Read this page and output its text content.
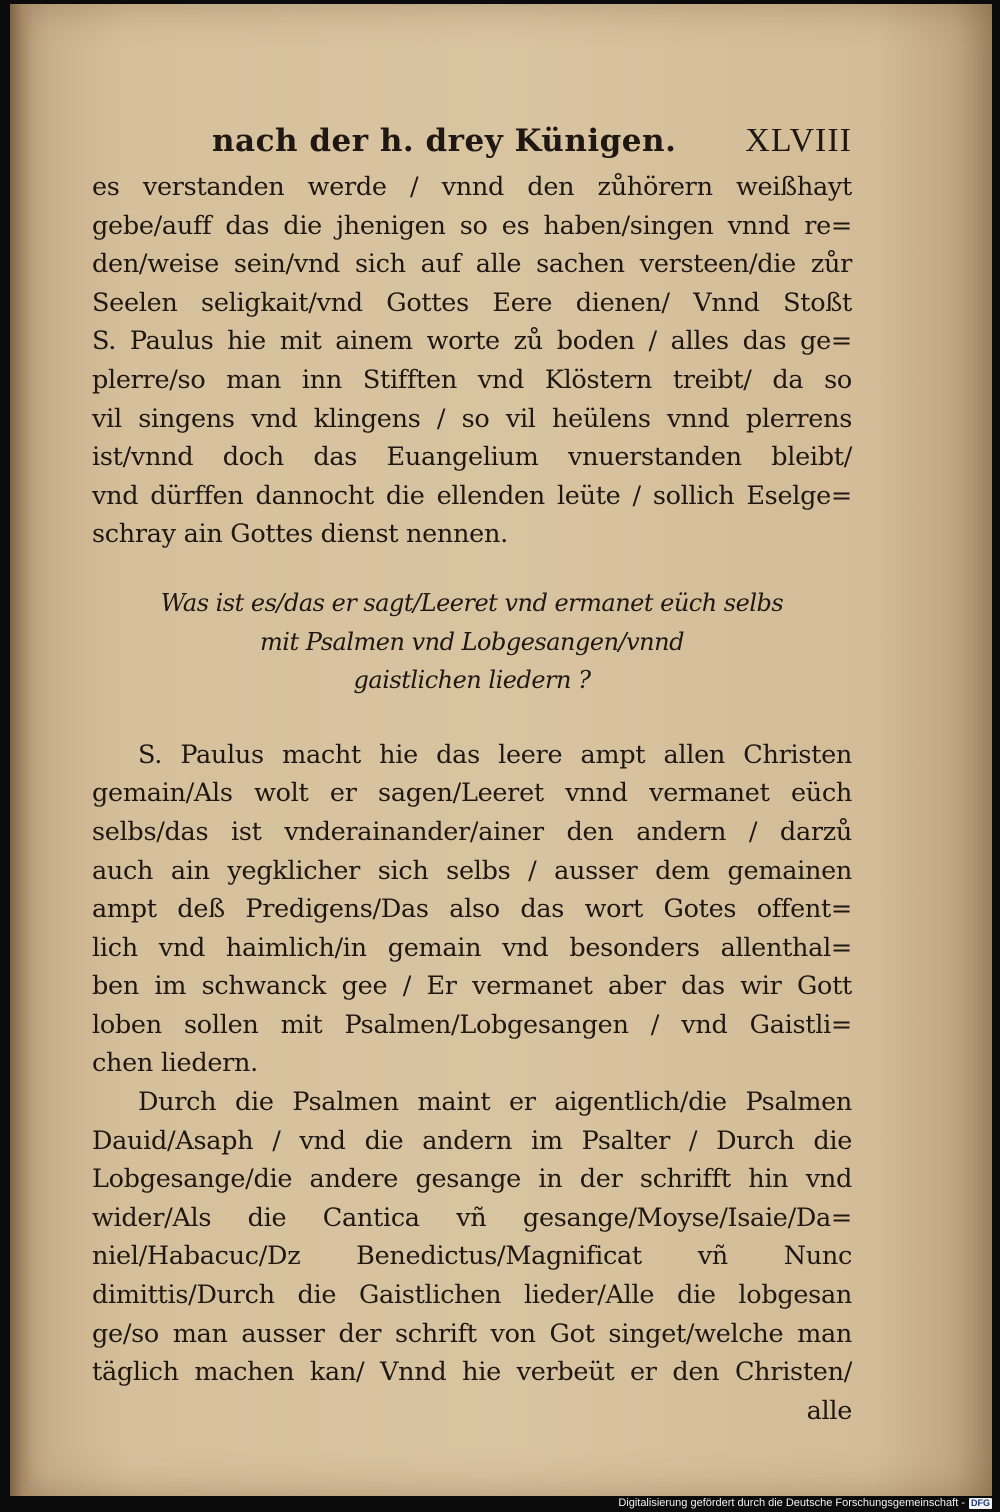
nach der h. drey Künigen. XLVIII
es verstanden werde / vnnd den zůhörern weißhayt
gebe/auff das die jhenigen so es haben/singen vnnd re=
den/weise sein/vnd sich auf alle sachen versteen/die zůr
Seelen seligkait/vnd Gottes Eere dienen/ Vnnd Stoßt
S. Paulus hie mit ainem worte zů boden / alles das ge=
plerre/so man inn Stifften vnd Klöstern treibt/ da so
vil singens vnd klingens / so vil heülens vnnd plerrens
ist/vnnd doch das Euangelium vnuerstanden bleibt/
vnd dürffen dannocht die ellenden leüte / sollich Eselge=
schray ain Gottes dienst nennen.
Was ist es/das er sagt/Leeret vnd ermanet eüch selbs
mit Psalmen vnd Lobgesangen/vnnd
gaistlichen liedern ?
S. Paulus macht hie das leere ampt allen Christen
gemain/Als wolt er sagen/Leeret vnnd vermanet eüch
selbs/das ist vnderainander/ainer den andern / darzů
auch ain yegklicher sich selbs / ausser dem gemainen
ampt deß Predigens/Das also das wort Gotes offent=
lich vnd haimlich/in gemain vnd besonders allenthal=
ben im schwanck gee / Er vermanet aber das wir Gott
loben sollen mit Psalmen/Lobgesangen / vnd Gaistli=
chen liedern.
Durch die Psalmen maint er aigentlich/die Psalmen
Dauid/Asaph / vnd die andern im Psalter / Durch die
Lobgesange/die andere gesange in der schrifft hin vnd
wider/Als die Cantica vñ gesange/Moyse/Isaie/Da=
niel/Habacuc/Dz Benedictus/Magnificat vñ Nunc
dimittis/Durch die Gaistlichen lieder/Alle die lobgesan
ge/so man ausser der schrift von Got singet/welche man
täglich machen kan/ Vnnd hie verbeüt er den Christen/
alle
Digitalisierung gefördert durch die Deutsche Forschungsgemeinschaft - DFG
